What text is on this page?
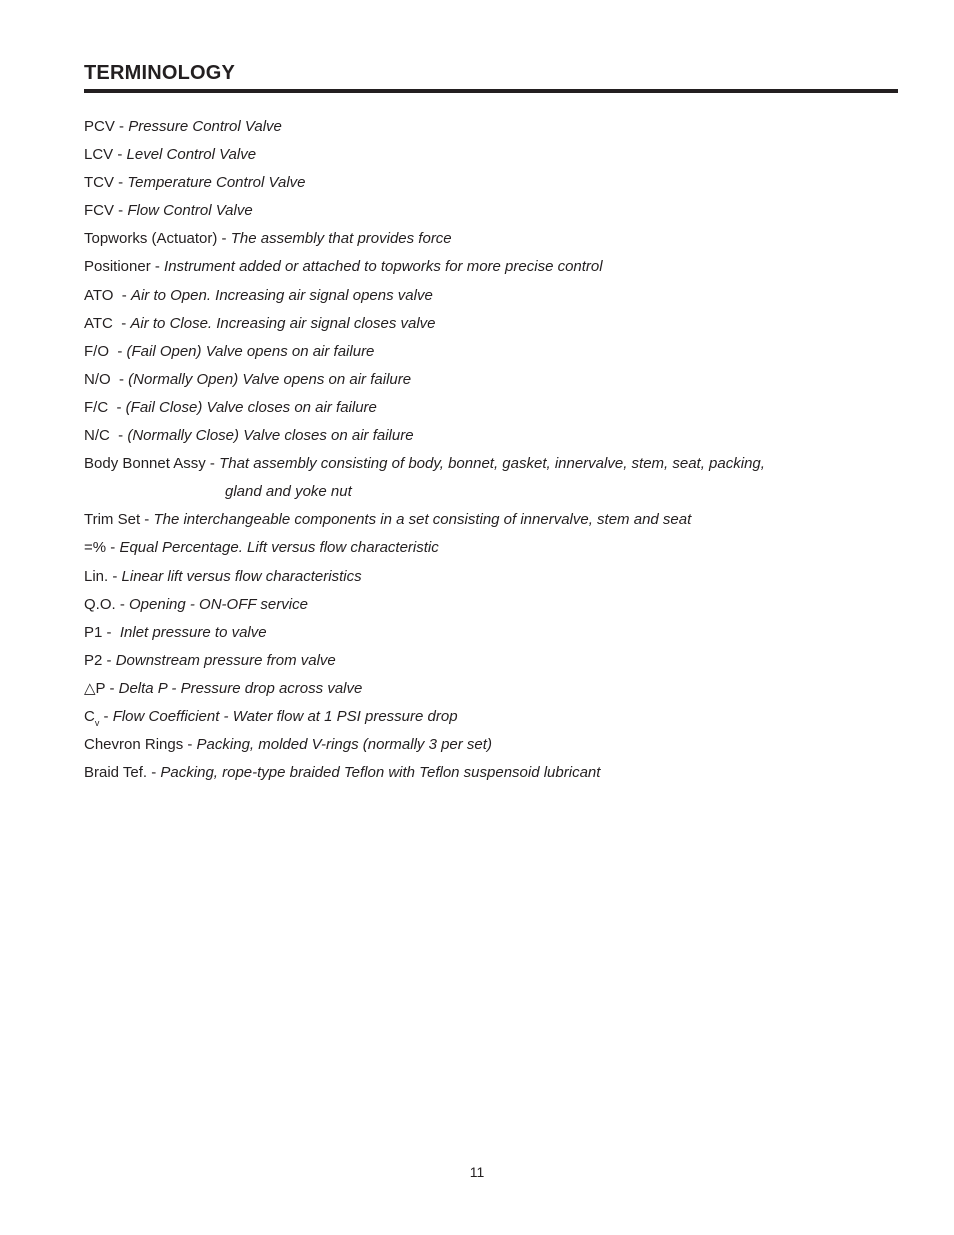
TERMINOLOGY
PCV - Pressure Control Valve
LCV - Level Control Valve
TCV - Temperature Control Valve
FCV - Flow Control Valve
Topworks (Actuator) - The assembly that provides force
Positioner - Instrument added or attached to topworks for more precise control
ATO  - Air to Open. Increasing air signal opens valve
ATC  - Air to Close. Increasing air signal closes valve
F/O  - (Fail Open) Valve opens on air failure
N/O  - (Normally Open) Valve opens on air failure
F/C  - (Fail Close) Valve closes on air failure
N/C  - (Normally Close) Valve closes on air failure
Body Bonnet Assy - That assembly consisting of body, bonnet, gasket, innervalve, stem, seat, packing,
gland and yoke nut
Trim Set - The interchangeable components in a set consisting of innervalve, stem and seat
=% - Equal Percentage. Lift versus flow characteristic
Lin. - Linear lift versus flow characteristics
Q.O. - Opening - ON-OFF service
P1 -  Inlet pressure to valve
P2 - Downstream pressure from valve
△P - Delta P - Pressure drop across valve
$C_v$ - Flow Coefficient - Water flow at 1 PSI pressure drop
Chevron Rings - Packing, molded V-rings (normally 3 per set)
Braid Tef. - Packing, rope-type braided Teflon with Teflon suspensoid lubricant
11
